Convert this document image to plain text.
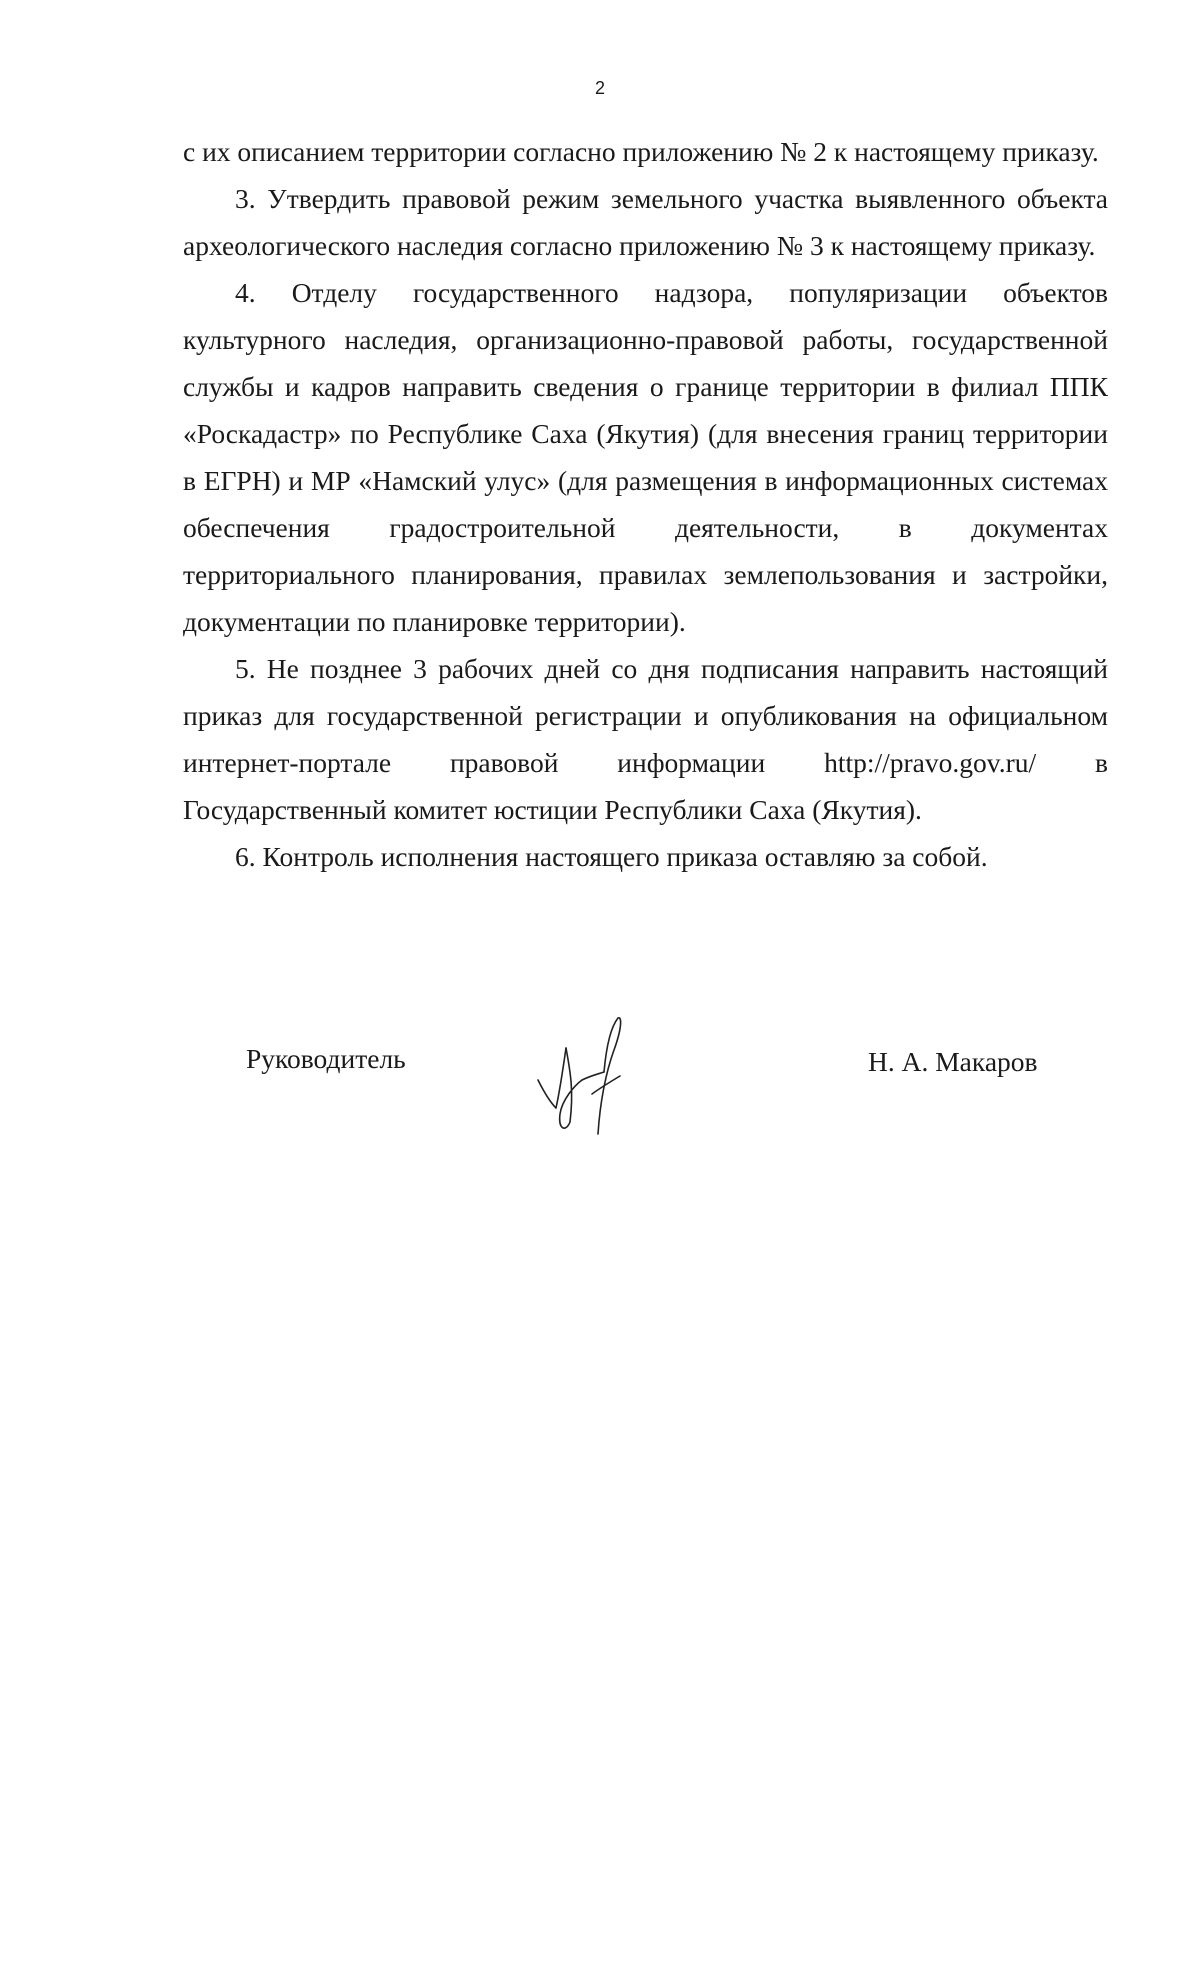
2

с их описанием территории согласно приложению № 2 к настоящему приказу.

3. Утвердить правовой режим земельного участка выявленного объекта археологического наследия согласно приложению № 3 к настоящему приказу.

4. Отделу государственного надзора, популяризации объектов культурного наследия, организационно-правовой работы, государственной службы и кадров направить сведения о границе территории в филиал ППК «Роскадастр» по Республике Саха (Якутия) (для внесения границ территории в ЕГРН) и МР «Намский улус» (для размещения в информационных системах обеспечения градостроительной деятельности, в документах территориального планирования, правилах землепользования и застройки, документации по планировке территории).

5. Не позднее 3 рабочих дней со дня подписания направить настоящий приказ для государственной регистрации и опубликования на официальном интернет-портале правовой информации http://pravo.gov.ru/ в Государственный комитет юстиции Республики Саха (Якутия).

6. Контроль исполнения настоящего приказа оставляю за собой.

Руководитель	Н. А. Макаров
